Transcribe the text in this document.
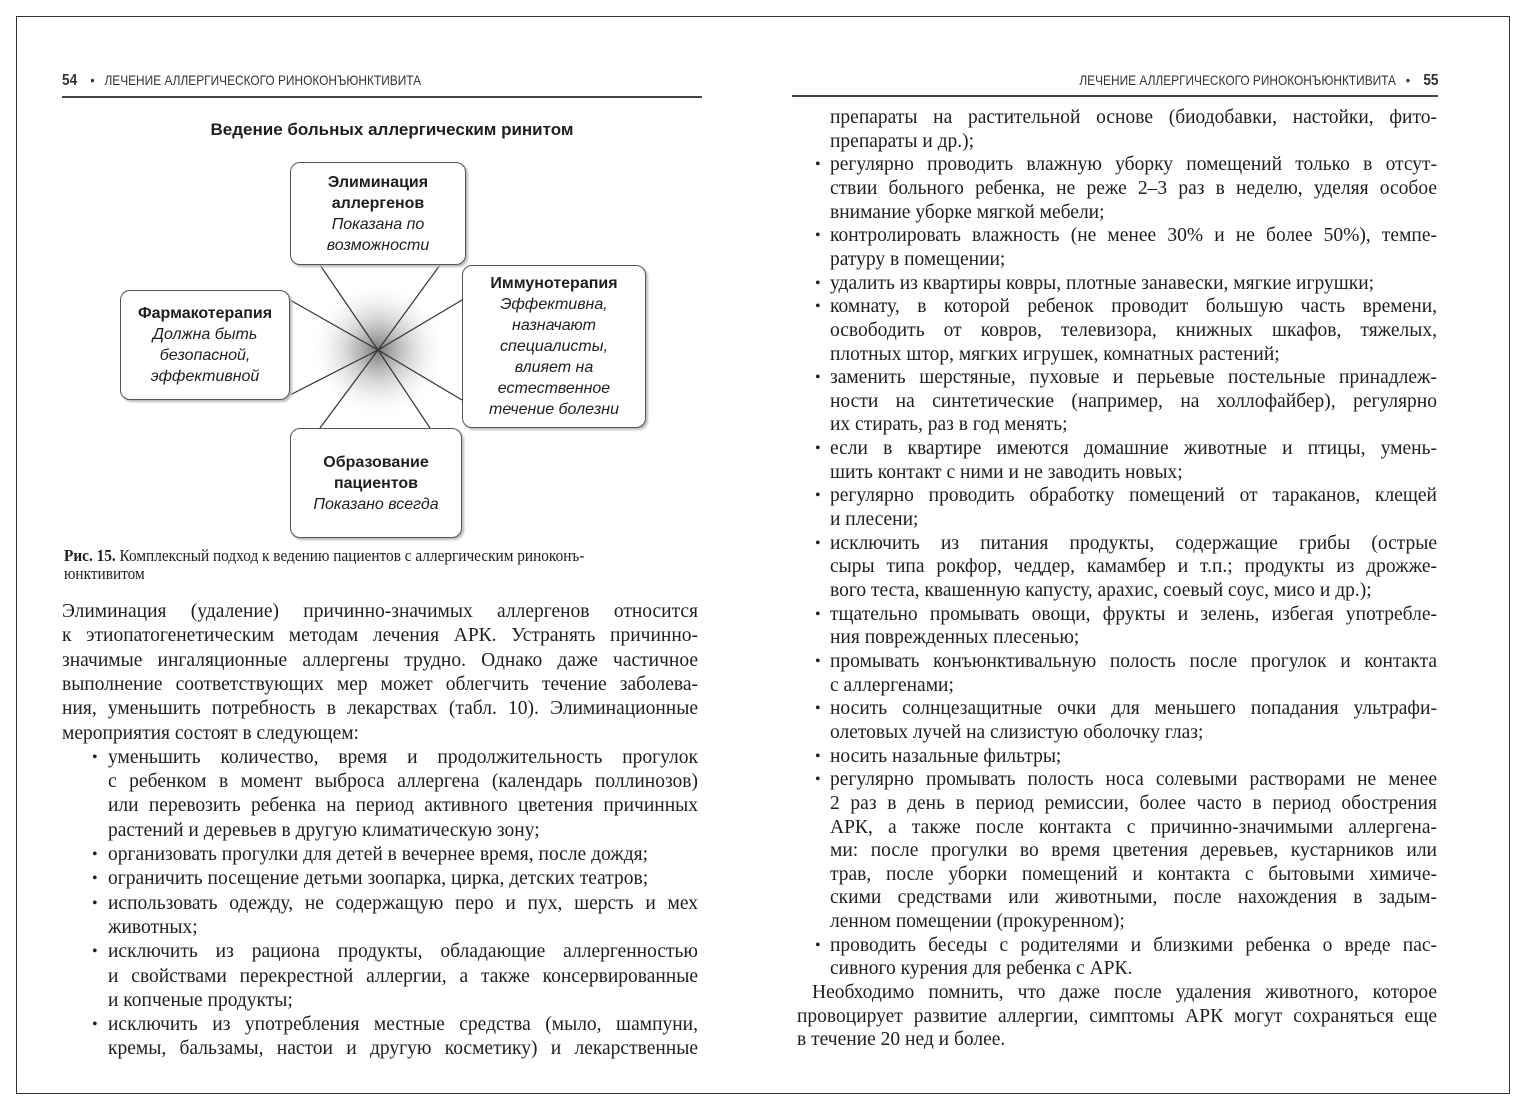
54 • ЛЕЧЕНИЕ АЛЛЕРГИЧЕСКОГО РИНОКОНЪЮНКТИВИТА	ЛЕЧЕНИЕ АЛЛЕРГИЧЕСКОГО РИНОКОНЪЮНКТИВИТА • 55
Ведение больных аллергическим ринитом
Элиминация
аллергенов
Показана по
возможности
Иммунотерапия
Эффективна,
назначают
специалисты,
влияет на
естественное
течение болезни
Фармакотерапия
Должна быть
безопасной,
эффективной
Образование
пациентов
Показано всегда
Рис. 15. Комплексный подход к ведению пациентов с аллергическим риноконъ-
юнктивитом
Элиминация (удаление) причинно-значимых аллергенов относится
к этиопатогенетическим методам лечения АРК. Устранять причинно-
значимые ингаляционные аллергены трудно. Однако даже частичное
выполнение соответствующих мер может облегчить течение заболева-
ния, уменьшить потребность в лекарствах (табл. 10). Элиминационные
мероприятия состоят в следующем:
• уменьшить количество, время и продолжительность прогулок
с ребенком в момент выброса аллергена (календарь поллинозов)
или перевозить ребенка на период активного цветения причинных
растений и деревьев в другую климатическую зону;
• организовать прогулки для детей в вечернее время, после дождя;
• ограничить посещение детьми зоопарка, цирка, детских театров;
• использовать одежду, не содержащую перо и пух, шерсть и мех
животных;
• исключить из рациона продукты, обладающие аллергенностью
и свойствами перекрестной аллергии, а также консервированные
и копченые продукты;
• исключить из употребления местные средства (мыло, шампуни,
кремы, бальзамы, настои и другую косметику) и лекарственные
препараты на растительной основе (биодобавки, настойки, фито-
препараты и др.);
• регулярно проводить влажную уборку помещений только в отсут-
ствии больного ребенка, не реже 2–3 раз в неделю, уделяя особое
внимание уборке мягкой мебели;
• контролировать влажность (не менее 30% и не более 50%), темпе-
ратуру в помещении;
• удалить из квартиры ковры, плотные занавески, мягкие игрушки;
• комнату, в которой ребенок проводит большую часть времени,
освободить от ковров, телевизора, книжных шкафов, тяжелых,
плотных штор, мягких игрушек, комнатных растений;
• заменить шерстяные, пуховые и перьевые постельные принадлеж-
ности на синтетические (например, на холлофайбер), регулярно
их стирать, раз в год менять;
• если в квартире имеются домашние животные и птицы, умень-
шить контакт с ними и не заводить новых;
• регулярно проводить обработку помещений от тараканов, клещей
и плесени;
• исключить из питания продукты, содержащие грибы (острые
сыры типа рокфор, чеддер, камамбер и т.п.; продукты из дрожже-
вого теста, квашенную капусту, арахис, соевый соус, мисо и др.);
• тщательно промывать овощи, фрукты и зелень, избегая употребле-
ния поврежденных плесенью;
• промывать конъюнктивальную полость после прогулок и контакта
с аллергенами;
• носить солнцезащитные очки для меньшего попадания ультрафи-
олетовых лучей на слизистую оболочку глаз;
• носить назальные фильтры;
• регулярно промывать полость носа солевыми растворами не менее
2 раз в день в период ремиссии, более часто в период обострения
АРК, а также после контакта с причинно-значимыми аллергена-
ми: после прогулки во время цветения деревьев, кустарников или
трав, после уборки помещений и контакта с бытовыми химиче-
скими средствами или животными, после нахождения в задым-
ленном помещении (прокуренном);
• проводить беседы с родителями и близкими ребенка о вреде пас-
сивного курения для ребенка с АРК.
Необходимо помнить, что даже после удаления животного, которое
провоцирует развитие аллергии, симптомы АРК могут сохраняться еще
в течение 20 нед и более.
